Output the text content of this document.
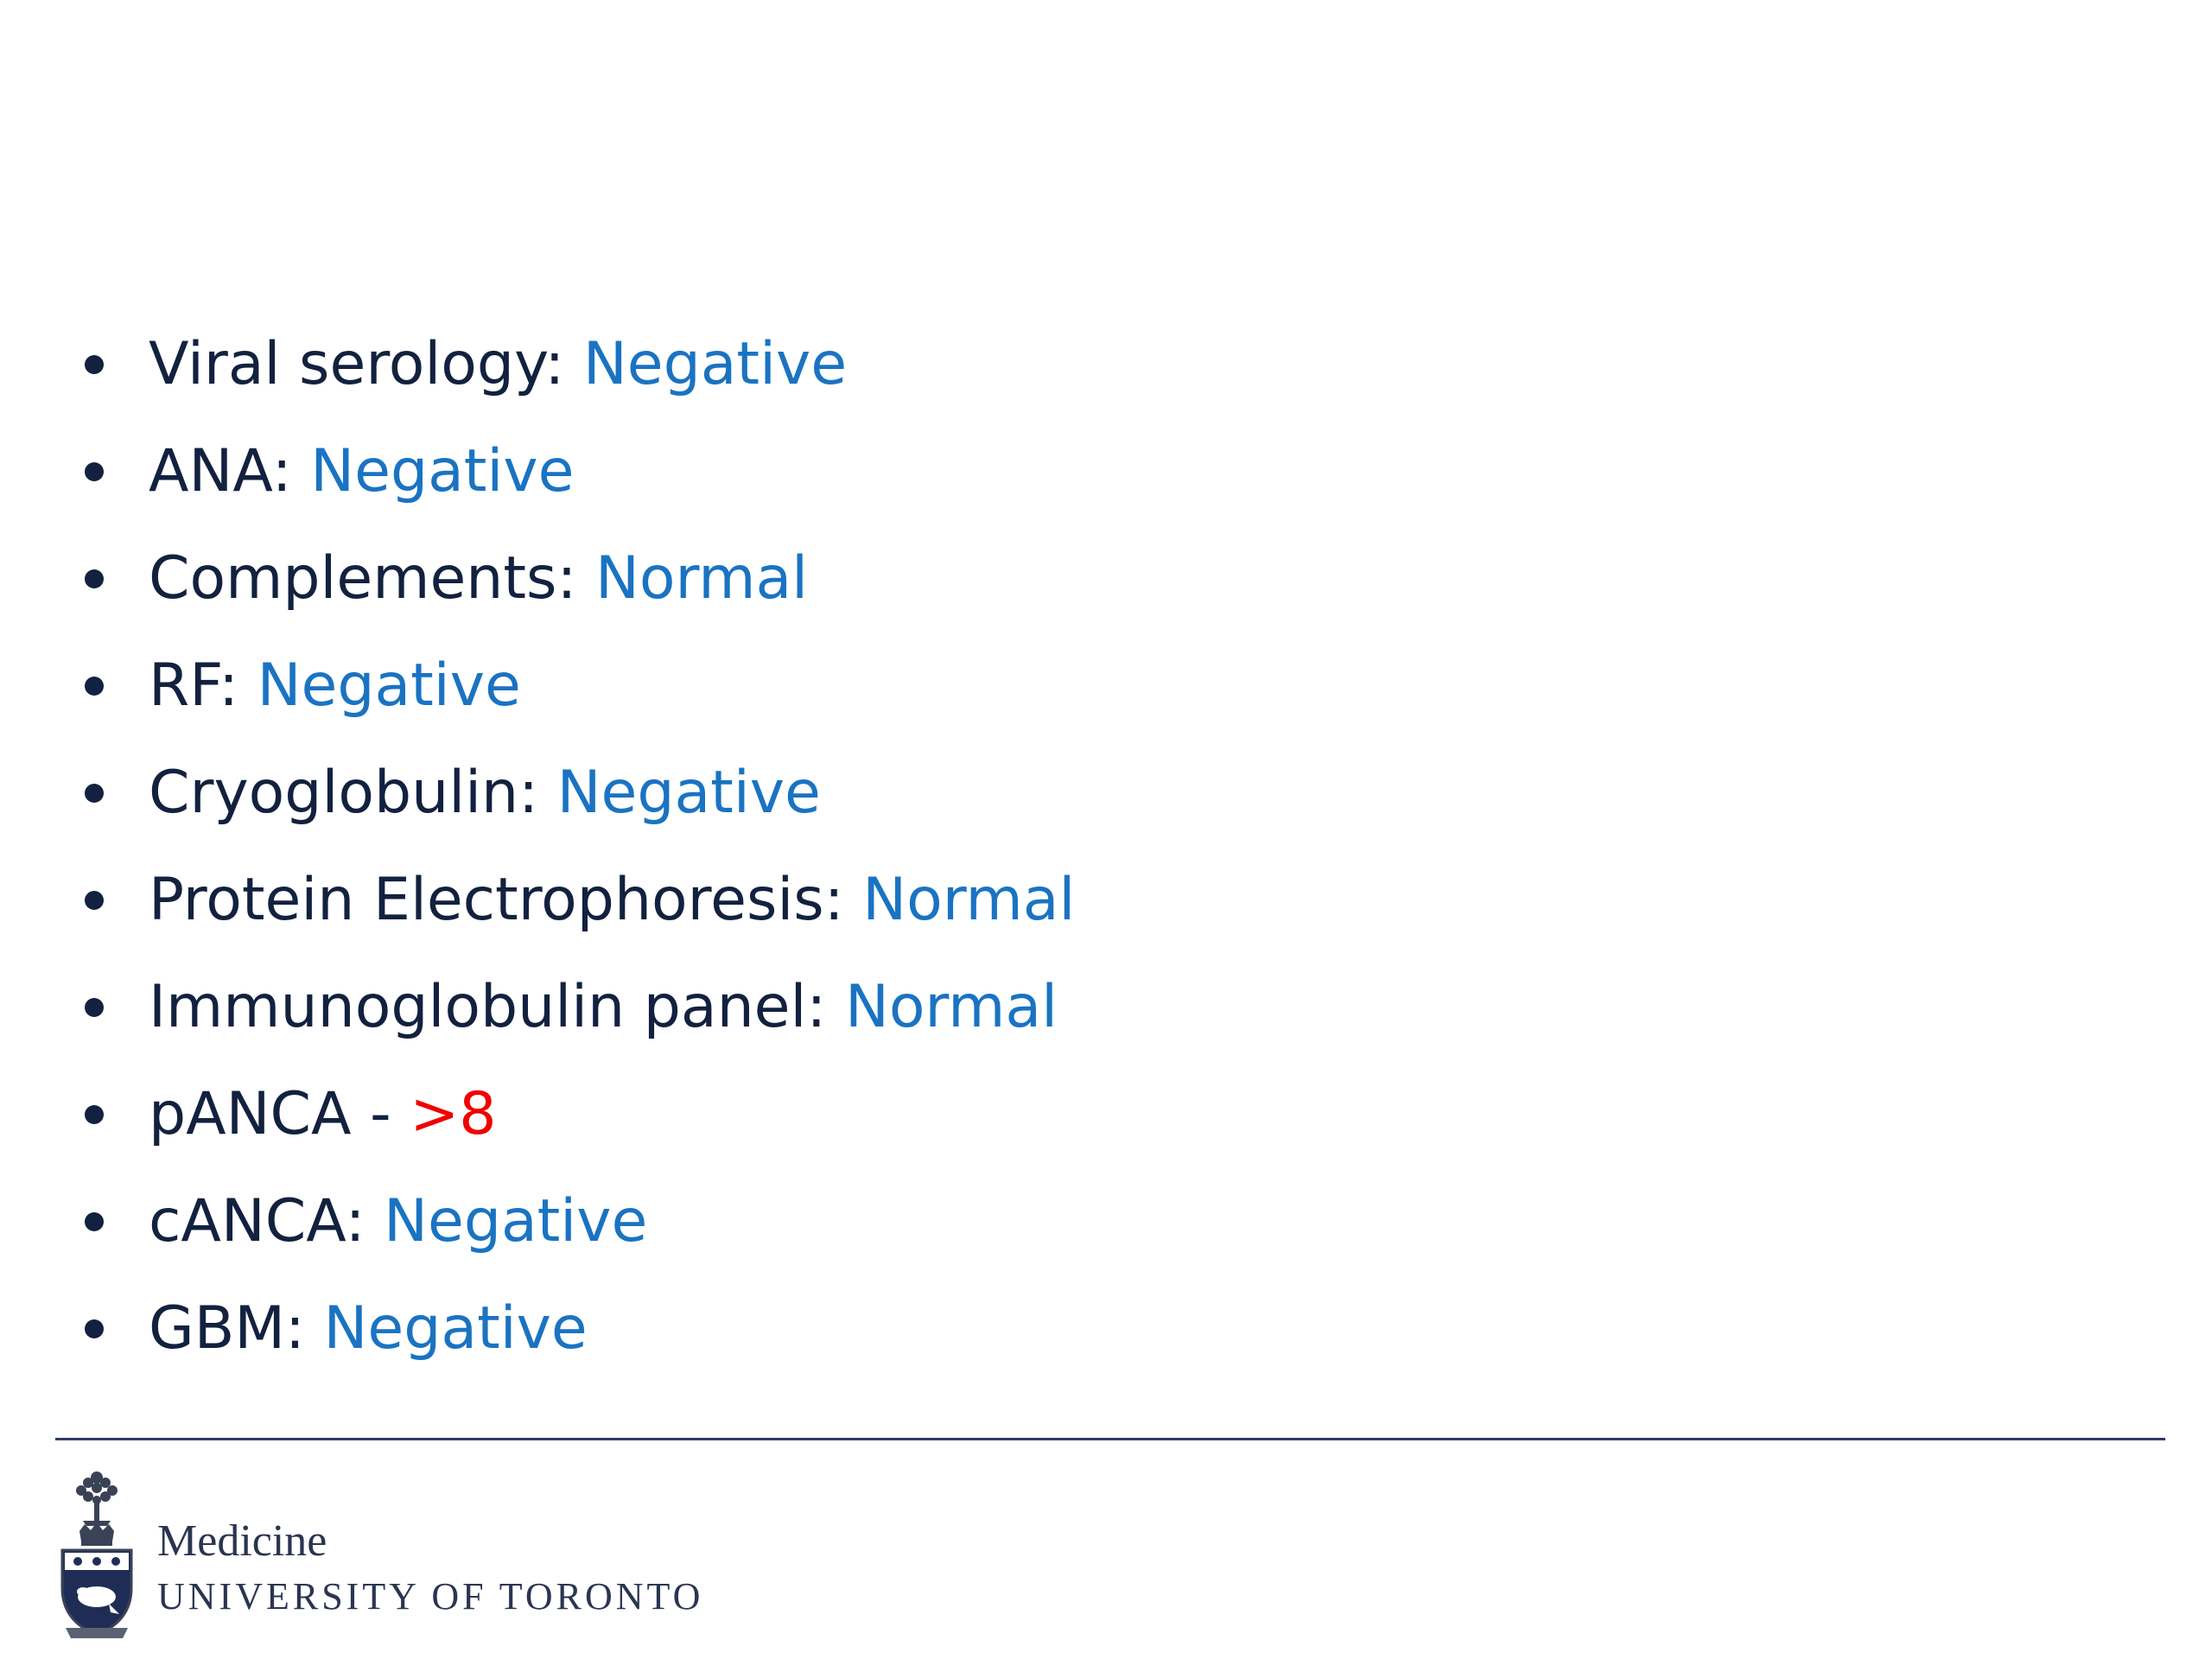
Viral serology: Negative
ANA: Negative
Complements: Normal
RF: Negative
Cryoglobulin: Negative
Protein Electrophoresis: Normal
Immunoglobulin panel: Normal
pANCA - >8
cANCA: Negative
GBM: Negative
Medicine
UNIVERSITY OF TORONTO
